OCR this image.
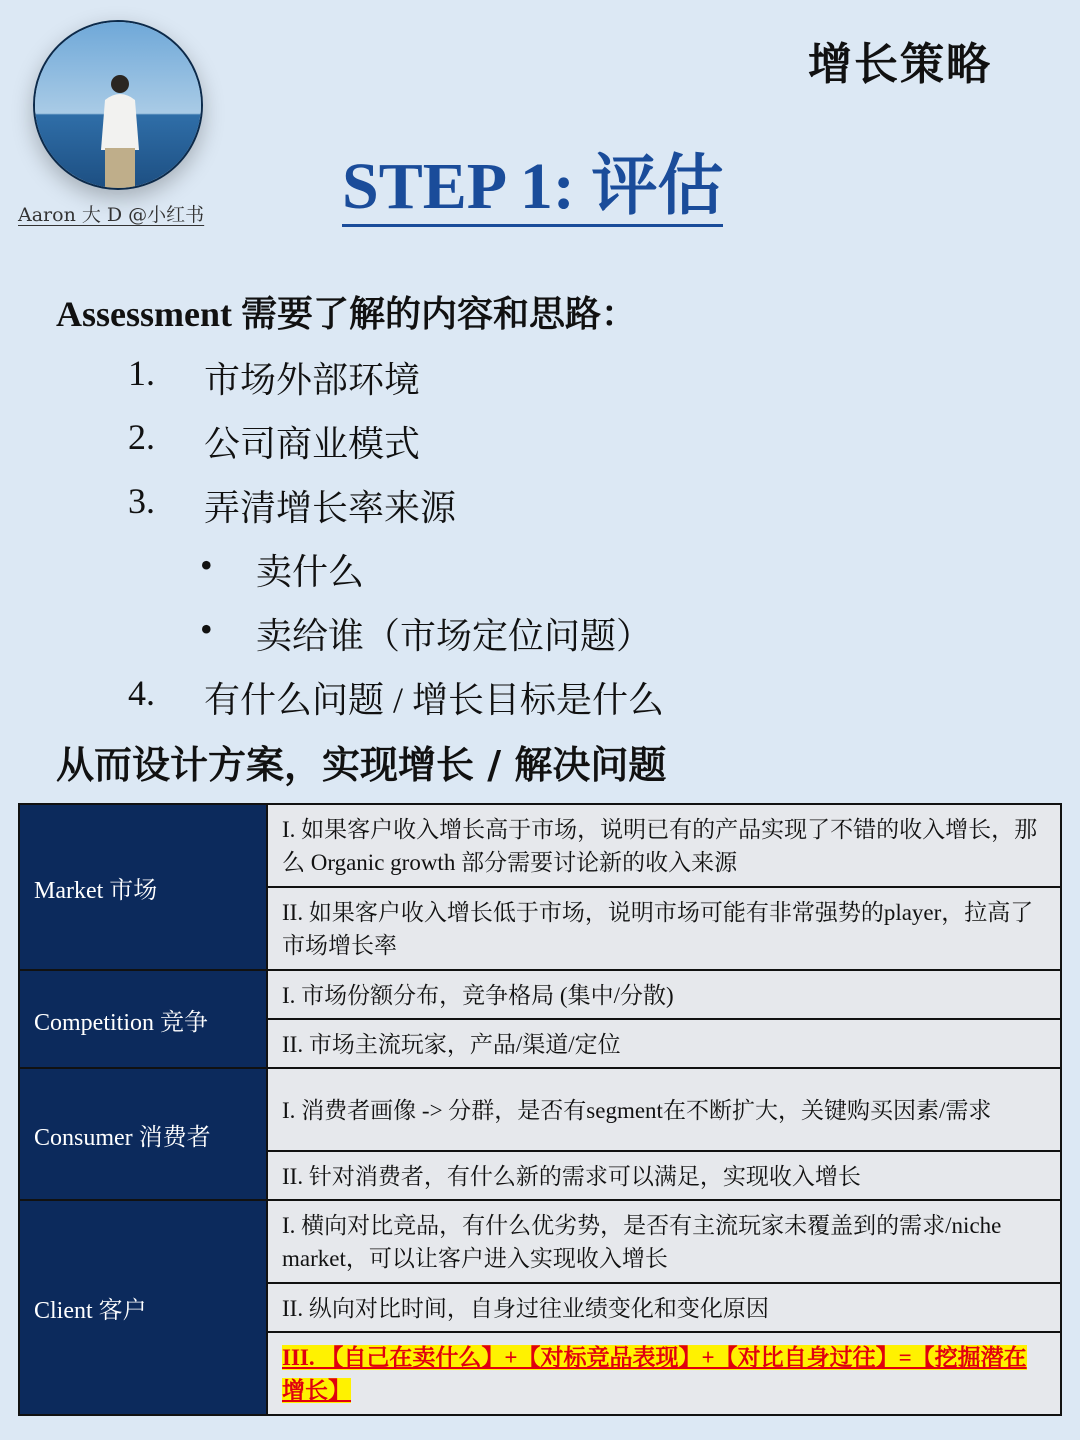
Aaron 大 D @小红书
增长策略
STEP 1: 评估
Assessment 需要了解的内容和思路：
1. 市场外部环境
2. 公司商业模式
3. 弄清增长率来源
• 卖什么
• 卖给谁（市场定位问题）
4. 有什么问题 / 增长目标是什么
从而设计方案，实现增长 / 解决问题
Market 市场	I. 如果客户收入增长高于市场，说明已有的产品实现了不错的收入增长，那么 Organic growth 部分需要讨论新的收入来源
	II. 如果客户收入增长低于市场，说明市场可能有非常强势的player，拉高了市场增长率
Competition 竞争	I. 市场份额分布，竞争格局 (集中/分散)
	II. 市场主流玩家，产品/渠道/定位
Consumer 消费者	I. 消费者画像 -> 分群，是否有segment在不断扩大，关键购买因素/需求
	II. 针对消费者，有什么新的需求可以满足，实现收入增长
Client 客户	I. 横向对比竞品，有什么优劣势，是否有主流玩家未覆盖到的需求/niche market，可以让客户进入实现收入增长
	II. 纵向对比时间，自身过往业绩变化和变化原因
	III. 【自己在卖什么】+【对标竞品表现】+【对比自身过往】=【挖掘潜在增长】
